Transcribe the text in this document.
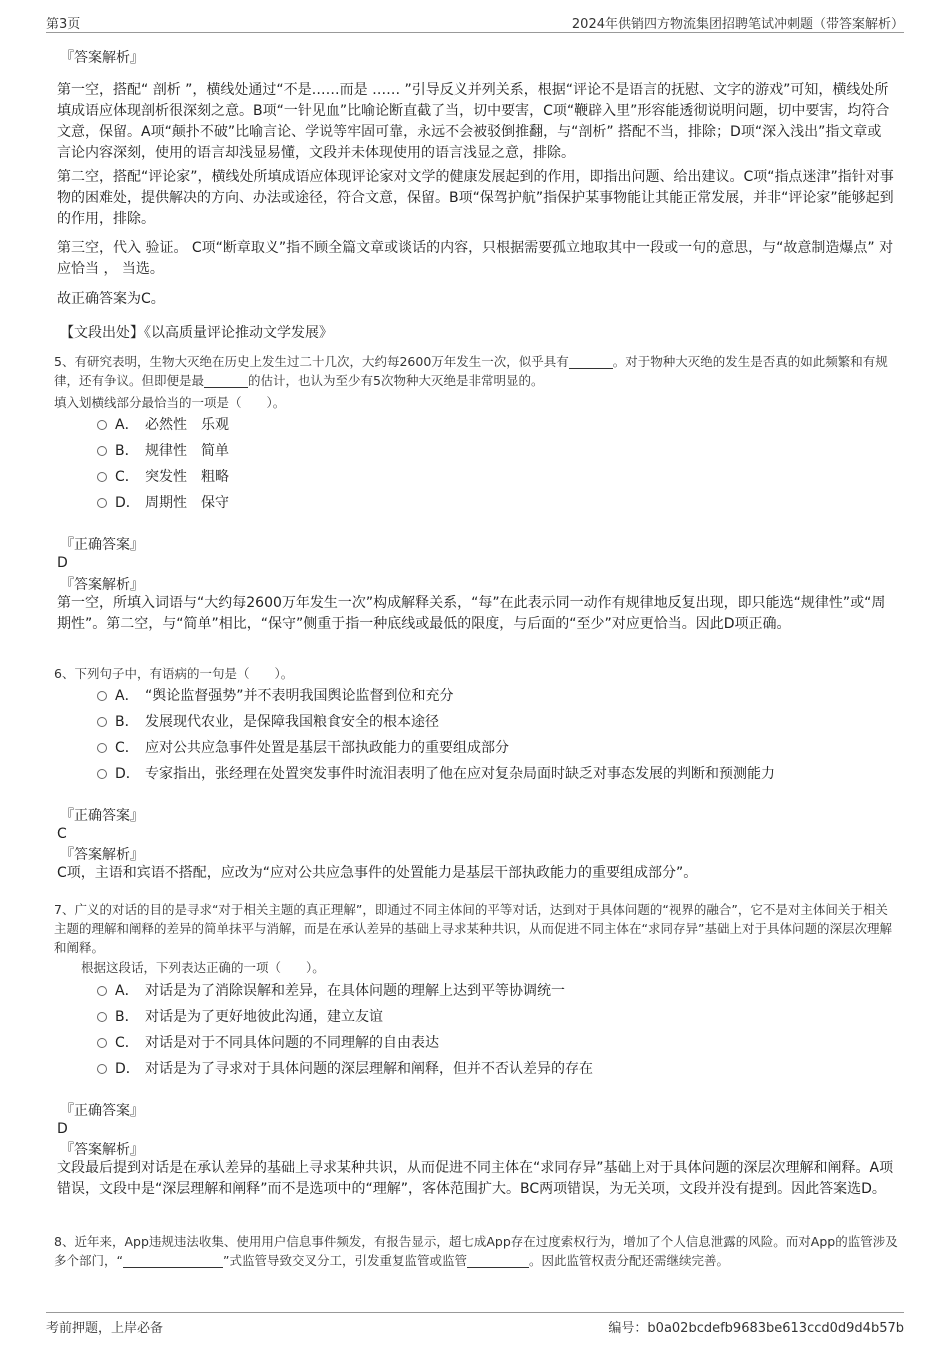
第3页	2024年供销四方物流集团招聘笔试冲刺题（带答案解析）
『答案解析』
第一空，搭配“ 剖析 ”，横线处通过“不是……而是 …… ”引导反义并列关系，根据“评论不是语言的抚慰、文字的游戏”可知，横线处所填成语应体现剖析很深刻之意。B项“一针见血”比喻论断直截了当，切中要害，C项“鞭辟入里”形容能透彻说明问题，切中要害，均符合文意，保留。A项“颠扑不破”比喻言论、学说等牢固可靠，永远不会被驳倒推翻，与“剖析” 搭配不当，排除；D项“深入浅出”指文章或言论内容深刻，使用的语言却浅显易懂，文段并未体现使用的语言浅显之意，排除。
第二空，搭配“评论家”，横线处所填成语应体现评论家对文学的健康发展起到的作用，即指出问题、给出建议。C项“指点迷津”指针对事物的困难处，提供解决的方向、办法或途径，符合文意，保留。B项“保驾护航”指保护某事物能让其能正常发展，并非“评论家”能够起到的作用，排除。
第三空，代入 验证。 C项“断章取义”指不顾全篇文章或谈话的内容，只根据需要孤立地取其中一段或一句的意思，与“故意制造爆点” 对应恰当 ， 当选。
故正确答案为C。
【文段出处】《以高质量评论推动文学发展》
5、有研究表明，生物大灭绝在历史上发生过二十几次，大约每2600万年发生一次，似乎具有	。对于物种大灭绝的发生是否真的如此频繁和有规律，还有争议。但即便是最	的估计，也认为至少有5次物种大灭绝是非常明显的。
填入划横线部分最恰当的一项是（　　）。
A． 必然性　乐观
B． 规律性　简单
C． 突发性　粗略
D． 周期性　保守
『正确答案』
D
『答案解析』
第一空，所填入词语与“大约每2600万年发生一次”构成解释关系，“每”在此表示同一动作有规律地反复出现，即只能选“规律性”或“周期性”。第二空，与“简单”相比，“保守”侧重于指一种底线或最低的限度，与后面的“至少”对应更恰当。因此D项正确。
6、下列句子中，有语病的一句是（　　）。
A． “舆论监督强势”并不表明我国舆论监督到位和充分
B． 发展现代农业，是保障我国粮食安全的根本途径
C． 应对公共应急事件处置是基层干部执政能力的重要组成部分
D． 专家指出，张经理在处置突发事件时流泪表明了他在应对复杂局面时缺乏对事态发展的判断和预测能力
『正确答案』
C
『答案解析』
C项，主语和宾语不搭配，应改为“应对公共应急事件的处置能力是基层干部执政能力的重要组成部分”。
7、广义的对话的目的是寻求“对于相关主题的真正理解”，即通过不同主体间的平等对话，达到对于具体问题的“视界的融合”，它不是对主体间关于相关主题的理解和阐释的差异的简单抹平与消解，而是在承认差异的基础上寻求某种共识，从而促进不同主体在“求同存异”基础上对于具体问题的深层次理解和阐释。
根据这段话，下列表达正确的一项（　　）。
A． 对话是为了消除误解和差异，在具体问题的理解上达到平等协调统一
B． 对话是为了更好地彼此沟通，建立友谊
C． 对话是对于不同具体问题的不同理解的自由表达
D． 对话是为了寻求对于具体问题的深层理解和阐释，但并不否认差异的存在
『正确答案』
D
『答案解析』
文段最后提到对话是在承认差异的基础上寻求某种共识，从而促进不同主体在“求同存异”基础上对于具体问题的深层次理解和阐释。A项错误，文段中是“深层理解和阐释”而不是选项中的“理解”，客体范围扩大。BC两项错误，为无关项，文段并没有提到。因此答案选D。
8、近年来，App违规违法收集、使用用户信息事件频发，有报告显示，超七成App存在过度索权行为，增加了个人信息泄露的风险。而对App的监管涉及多个部门，“	”式监管导致交叉分工，引发重复监管或监管	。因此监管权责分配还需继续完善。
考前押题，上岸必备	编号：b0a02bcdefb9683be613ccd0d9d4b57b
